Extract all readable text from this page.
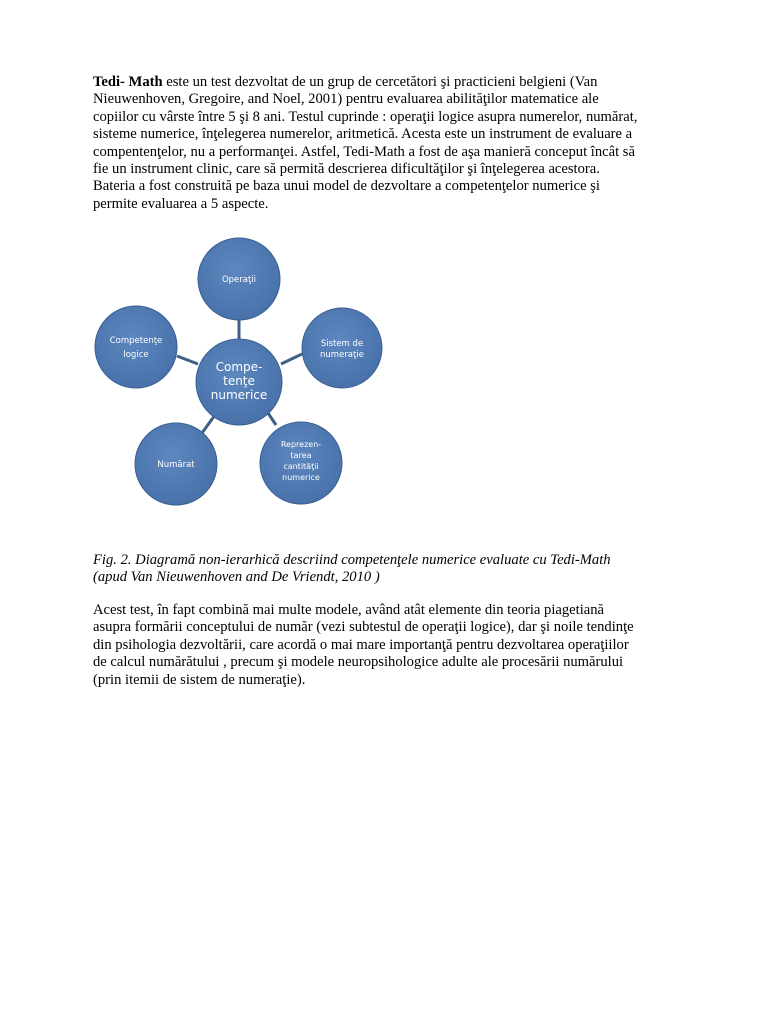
Tedi- Math este un test dezvoltat de un grup de cercetători şi practicieni belgieni (Van
Nieuwenhoven, Gregoire, and Noel, 2001) pentru evaluarea abilităţilor matematice ale
copiilor cu vârste între 5 şi 8 ani. Testul cuprinde : operaţii logice asupra numerelor, numărat,
sisteme numerice, înţelegerea numerelor, aritmetică. Acesta este un instrument de evaluare a
compentenţelor, nu a performanţei. Astfel, Tedi-Math a fost de aşa manieră conceput încât să
fie un instrument clinic, care să permită descrierea dificultăţilor şi înţelegerea acestora.
Bateria a fost construită pe baza unui model de dezvoltare a competenţelor numerice şi
permite evaluarea a 5 aspecte.

Operaţii
Sistem de
numeraţie
Reprezen-
tarea
cantităţii
numerice
Numărat
Competenţe
logice
Compe-
tenţe
numerice

Fig. 2. Diagramă non-ierarhică descriind competenţele numerice evaluate cu Tedi-Math
(apud Van Nieuwenhoven and De Vriendt, 2010 )

Acest test, în fapt combină mai multe modele, având atât elemente din teoria piagetiană
asupra formării conceptului de număr (vezi subtestul de operaţii logice), dar şi noile tendinţe
din psihologia dezvoltării, care acordă o mai mare importanţă pentru dezvoltarea operaţiilor
de calcul numărătului , precum şi modele neuropsihologice adulte ale procesării numărului
(prin itemii de sistem de numeraţie).
